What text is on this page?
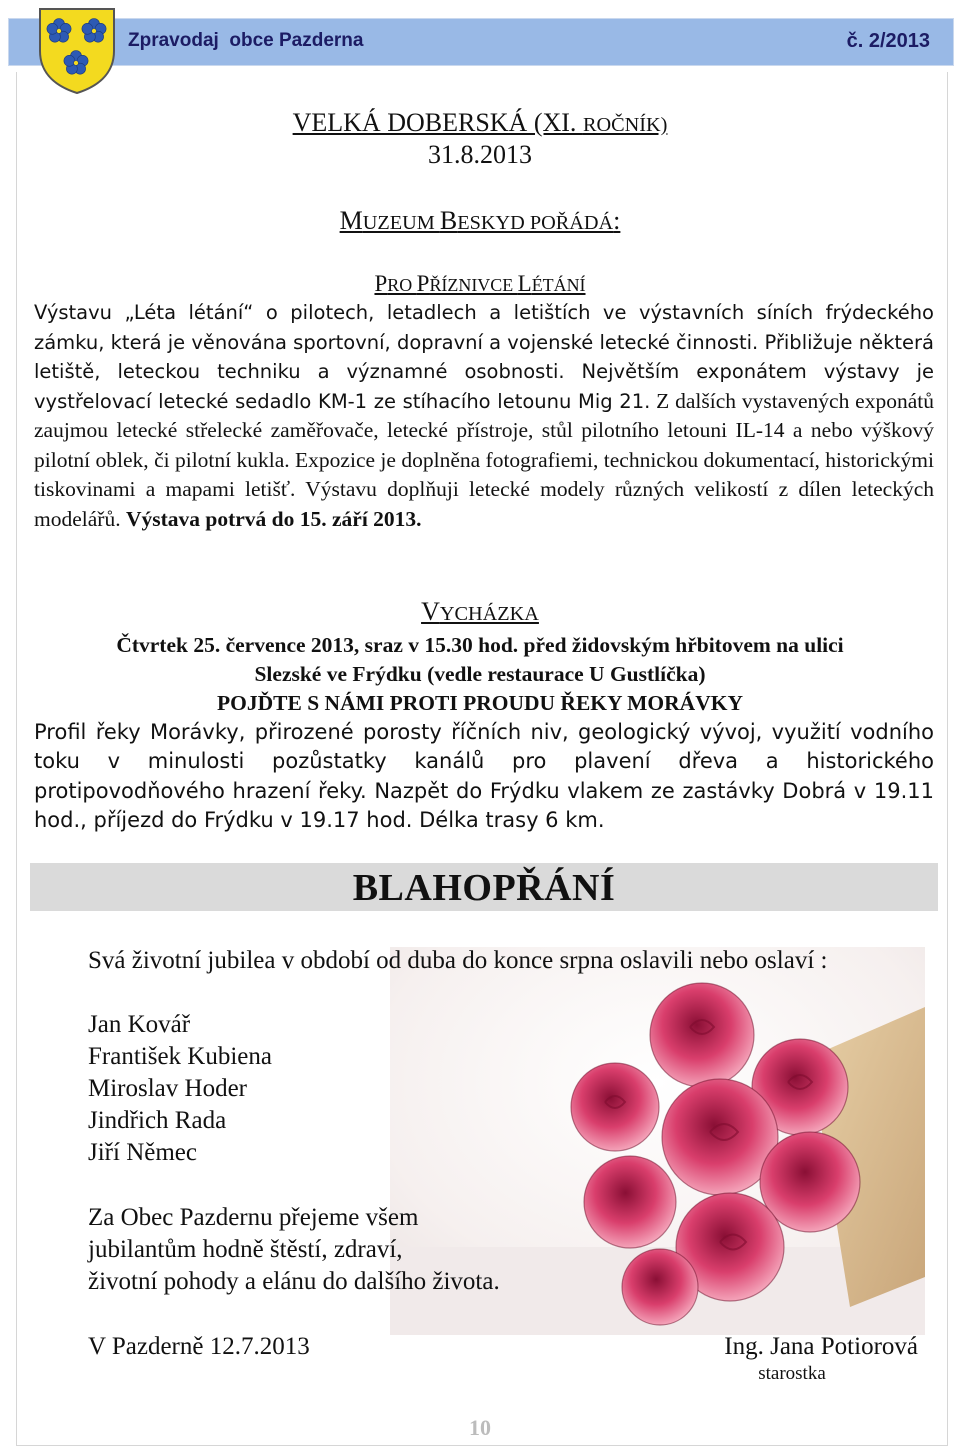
Zpravodaj  obce Pazderna	č. 2/2013
VELKÁ DOBERSKÁ (XI. ROČNÍK)
31.8.2013
MUZEUM BESKYD POŘÁDÁ:
PRO PŘÍZNIVCE LÉTÁNÍ
Výstavu „Léta létání“ o pilotech, letadlech a letištích ve výstavních síních frýdeckého zámku, která je věnována sportovní, dopravní a vojenské letecké činnosti. Přibližuje některá letiště, leteckou techniku a významné osobnosti. Největším exponátem výstavy je vystřelovací letecké sedadlo KM-1 ze stíhacího letounu Mig 21. Z dalších vystavených exponátů zaujmou letecké střelecké zaměřovače, letecké přístroje, stůl pilotního letouni IL-14 a nebo výškový pilotní oblek, či pilotní kukla. Expozice je doplněna fotografiemi, technickou dokumentací, historickými tiskovinami a mapami letišť. Výstavu doplňuji letecké modely různých velikostí z dílen leteckých modelářů. Výstava potrvá do 15. září 2013.
VYCHÁZKA
Čtvrtek 25. července 2013, sraz v 15.30 hod. před židovským hřbitovem na ulici
Slezské ve Frýdku (vedle restaurace U Gustlíčka)
POJĎTE S NÁMI PROTI PROUDU ŘEKY MORÁVKY
Profil řeky Morávky, přirozené porosty říčních niv, geologický vývoj, využití vodního toku v minulosti pozůstatky kanálů pro plavení dřeva a historického protipovodňového hrazení řeky. Nazpět do Frýdku vlakem ze zastávky Dobrá v 19.11 hod., příjezd do Frýdku v 19.17 hod. Délka trasy 6 km.
BLAHOPŘÁNÍ
Svá životní jubilea v období od duba do konce srpna oslavili nebo oslaví :
Jan Kovář
František Kubiena
Miroslav Hoder
Jindřich Rada
Jiří Němec
Za Obec Pazdernu přejeme všem
jubilantům hodně štěstí, zdraví,
životní pohody a elánu do dalšího života.
V Pazderně 12.7.2013	Ing. Jana Potiorová
starostka
10
